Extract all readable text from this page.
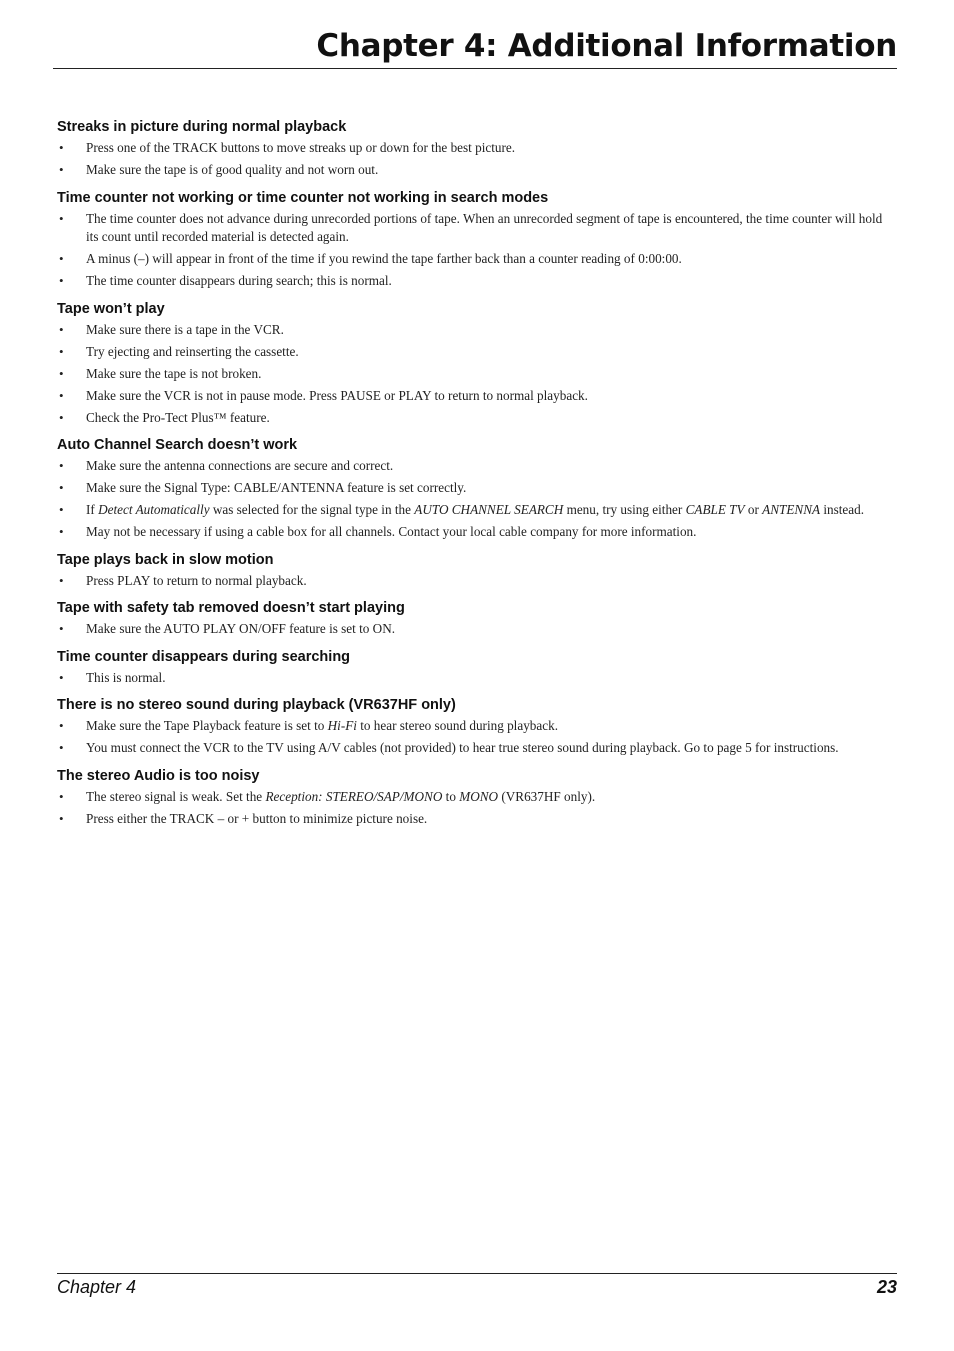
Chapter 4: Additional Information
Streaks in picture during normal playback
• Press one of the TRACK buttons to move streaks up or down for the best picture.
• Make sure the tape is of good quality and not worn out.
Time counter not working or time counter not working in search modes
• The time counter does not advance during unrecorded portions of tape. When an unrecorded segment of tape is encountered, the time counter will hold its count until recorded material is detected again.
• A minus (–) will appear in front of the time if you rewind the tape farther back than a counter reading of 0:00:00.
• The time counter disappears during search; this is normal.
Tape won’t play
• Make sure there is a tape in the VCR.
• Try ejecting and reinserting the cassette.
• Make sure the tape is not broken.
• Make sure the VCR is not in pause mode. Press PAUSE or PLAY to return to normal playback.
• Check the Pro-Tect Plus™ feature.
Auto Channel Search doesn’t work
• Make sure the antenna connections are secure and correct.
• Make sure the Signal Type: CABLE/ANTENNA feature is set correctly.
• If Detect Automatically was selected for the signal type in the AUTO CHANNEL SEARCH menu, try using either CABLE TV or ANTENNA instead.
• May not be necessary if using a cable box for all channels. Contact your local cable company for more information.
Tape plays back in slow motion
• Press PLAY to return to normal playback.
Tape with safety tab removed doesn’t start playing
• Make sure the AUTO PLAY ON/OFF feature is set to ON.
Time counter disappears during searching
• This is normal.
There is no stereo sound during playback (VR637HF only)
• Make sure the Tape Playback feature is set to Hi-Fi to hear stereo sound during playback.
• You must connect the VCR to the TV using A/V cables (not provided) to hear true stereo sound during playback. Go to page 5 for instructions.
The stereo Audio is too noisy
• The stereo signal is weak. Set the Reception: STEREO/SAP/MONO to MONO (VR637HF only).
• Press either the TRACK – or + button to minimize picture noise.
Chapter 4	23
